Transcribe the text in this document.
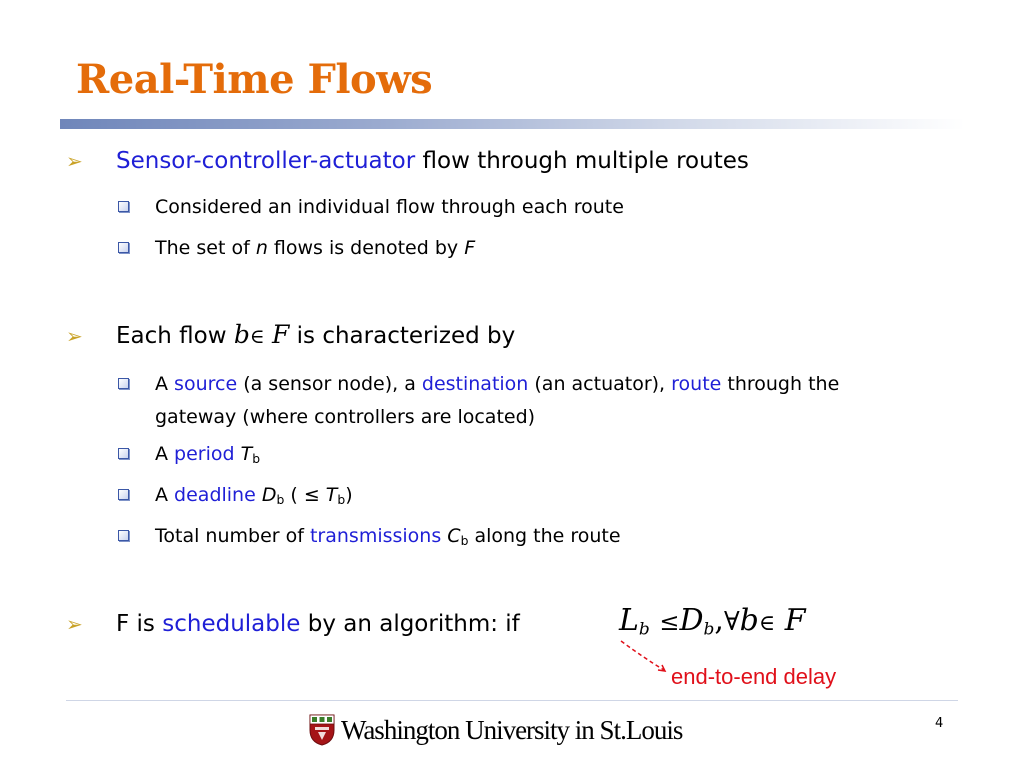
Real-Time Flows
➢	Sensor-controller-actuator flow through multiple routes
Considered an individual flow through each route
The set of n flows is denoted by F
➢	Each flow b∈ F is characterized by
A source (a sensor node), a destination (an actuator), route through the gateway (where controllers are located)
A period $T_b$
A deadline $D_b$ ( ≤ $T_b$)
Total number of transmissions $C_b$ along the route
➢	F is schedulable by an algorithm: if	$L_b$ $\le D_b,\forall b\in$ F
end-to-end delay
Washington University in St.Louis	4
